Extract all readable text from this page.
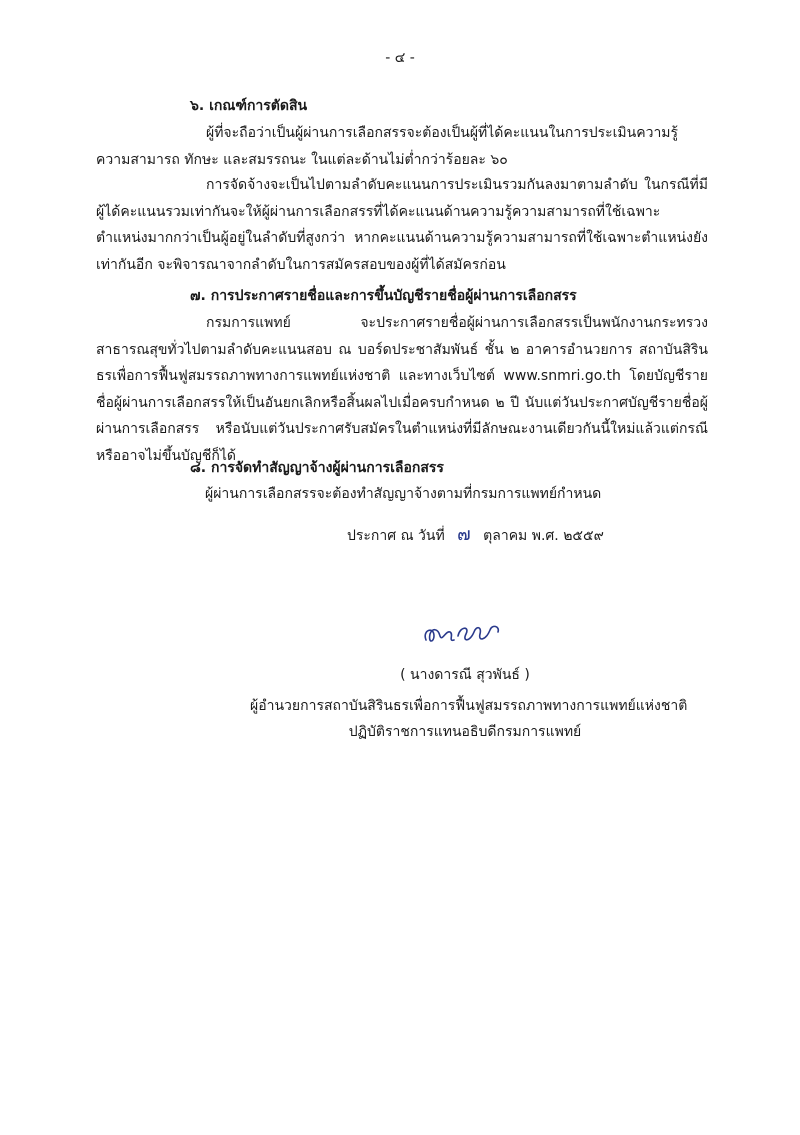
- ๔ -
๖. เกณฑ์การตัดสิน
ผู้ที่จะถือว่าเป็นผู้ผ่านการเลือกสรรจะต้องเป็นผู้ที่ได้คะแนนในการประเมินความรู้ความสามารถ ทักษะ และสมรรถนะ ในแต่ละด้านไม่ต่ำกว่าร้อยละ ๖๐
การจัดจ้างจะเป็นไปตามลำดับคะแนนการประเมินรวมกันลงมาตามลำดับ ในกรณีที่มีผู้ได้คะแนนรวมเท่ากันจะให้ผู้ผ่านการเลือกสรรที่ได้คะแนนด้านความรู้ความสามารถที่ใช้เฉพาะตำแหน่งมากกว่าเป็นผู้อยู่ในลำดับที่สูงกว่า หากคะแนนด้านความรู้ความสามารถที่ใช้เฉพาะตำแหน่งยังเท่ากันอีก จะพิจารณาจากลำดับในการสมัครสอบของผู้ที่ได้สมัครก่อน
๗. การประกาศรายชื่อและการขึ้นบัญชีรายชื่อผู้ผ่านการเลือกสรร
กรมการแพทย์ จะประกาศรายชื่อผู้ผ่านการเลือกสรรเป็นพนักงานกระทรวงสาธารณสุขทั่วไปตามลำดับคะแนนสอบ ณ บอร์ดประชาสัมพันธ์ ชั้น ๒ อาคารอำนวยการ สถาบันสิรินธรเพื่อการฟื้นฟูสมรรถภาพทางการแพทย์แห่งชาติ และทางเว็บไซต์ www.snmri.go.th โดยบัญชีรายชื่อผู้ผ่านการเลือกสรรให้เป็นอันยกเลิกหรือสิ้นผลไปเมื่อครบกำหนด ๒ ปี นับแต่วันประกาศบัญชีรายชื่อผู้ผ่านการเลือกสรร หรือนับแต่วันประกาศรับสมัครในตำแหน่งที่มีลักษณะงานเดียวกันนี้ใหม่แล้วแต่กรณี หรืออาจไม่ขึ้นบัญชีก็ได้
๘. การจัดทำสัญญาจ้างผู้ผ่านการเลือกสรร
ผู้ผ่านการเลือกสรรจะต้องทำสัญญาจ้างตามที่กรมการแพทย์กำหนด
ประกาศ ณ วันที่ ๗ ตุลาคม พ.ศ. ๒๕๕๙
( นางดารณี สุวพันธ์ )
ผู้อำนวยการสถาบันสิรินธรเพื่อการฟื้นฟูสมรรถภาพทางการแพทย์แห่งชาติ
ปฏิบัติราชการแทนอธิบดีกรมการแพทย์
